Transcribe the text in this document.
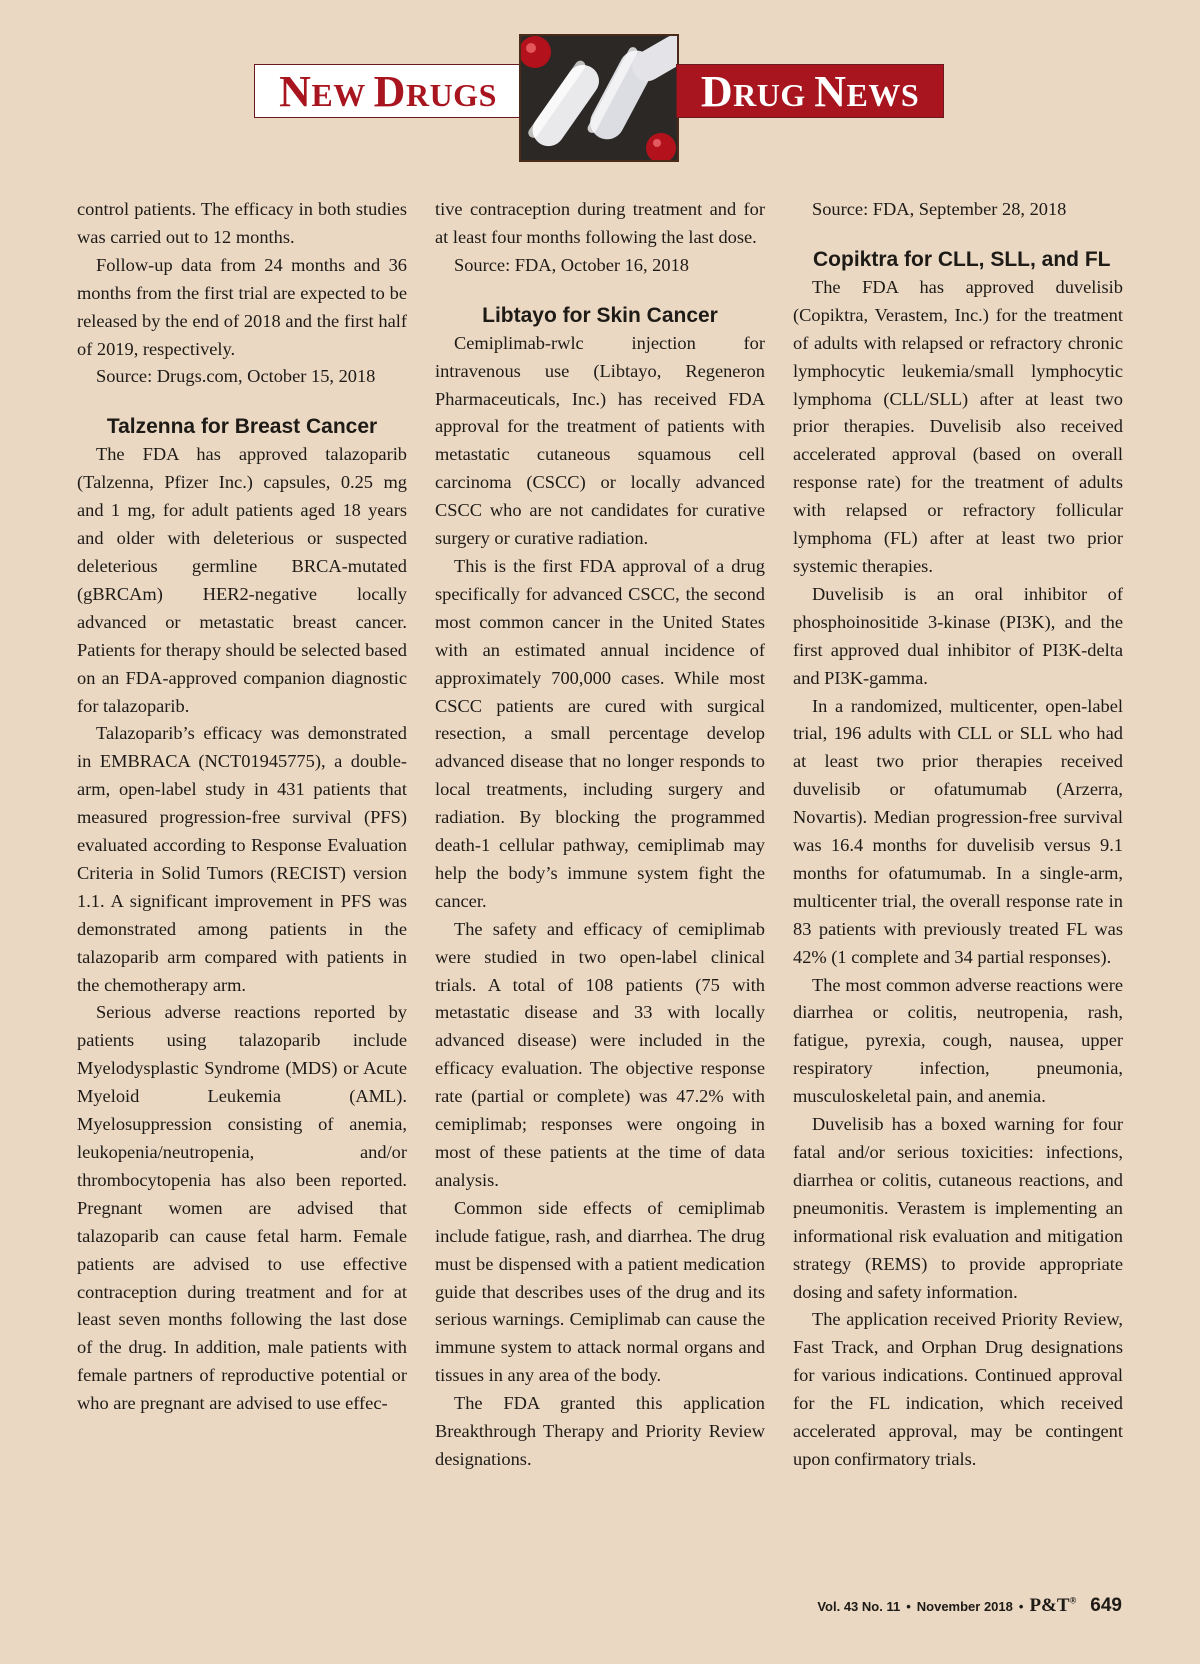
NEW DRUGS	DRUG NEWS

control patients. The efficacy in both studies was carried out to 12 months.

Follow-up data from 24 months and 36 months from the first trial are expected to be released by the end of 2018 and the first half of 2019, respectively.

Source: Drugs.com, October 15, 2018

Talzenna for Breast Cancer

The FDA has approved talazoparib (Talzenna, Pfizer Inc.) capsules, 0.25 mg and 1 mg, for adult patients aged 18 years and older with deleterious or suspected deleterious germline BRCA-mutated (gBRCAm) HER2-negative locally advanced or metastatic breast cancer. Patients for therapy should be selected based on an FDA-approved companion diagnostic for talazoparib.

Talazoparib’s efficacy was demonstrated in EMBRACA (NCT01945775), a double-arm, open-label study in 431 patients that measured progression-free survival (PFS) evaluated according to Response Evaluation Criteria in Solid Tumors (RECIST) version 1.1. A significant improvement in PFS was demonstrated among patients in the talazoparib arm compared with patients in the chemotherapy arm.

Serious adverse reactions reported by patients using talazoparib include Myelodysplastic Syndrome (MDS) or Acute Myeloid Leukemia (AML). Myelosuppression consisting of anemia, leukopenia/neutropenia, and/or thrombocytopenia has also been reported. Pregnant women are advised that talazoparib can cause fetal harm. Female patients are advised to use effective contraception during treatment and for at least seven months following the last dose of the drug. In addition, male patients with female partners of reproductive potential or who are pregnant are advised to use effec-

tive contraception during treatment and for at least four months following the last dose.

Source: FDA, October 16, 2018

Libtayo for Skin Cancer

Cemiplimab-rwlc injection for intravenous use (Libtayo, Regeneron Pharmaceuticals, Inc.) has received FDA approval for the treatment of patients with metastatic cutaneous squamous cell carcinoma (CSCC) or locally advanced CSCC who are not candidates for curative surgery or curative radiation.

This is the first FDA approval of a drug specifically for advanced CSCC, the second most common cancer in the United States with an estimated annual incidence of approximately 700,000 cases. While most CSCC patients are cured with surgical resection, a small percentage develop advanced disease that no longer responds to local treatments, including surgery and radiation. By blocking the programmed death-1 cellular pathway, cemiplimab may help the body’s immune system fight the cancer.

The safety and efficacy of cemiplimab were studied in two open-label clinical trials. A total of 108 patients (75 with metastatic disease and 33 with locally advanced disease) were included in the efficacy evaluation. The objective response rate (partial or complete) was 47.2% with cemiplimab; responses were ongoing in most of these patients at the time of data analysis.

Common side effects of cemiplimab include fatigue, rash, and diarrhea. The drug must be dispensed with a patient medication guide that describes uses of the drug and its serious warnings. Cemiplimab can cause the immune system to attack normal organs and tissues in any area of the body.

The FDA granted this application Breakthrough Therapy and Priority Review designations.

Source: FDA, September 28, 2018

Copiktra for CLL, SLL, and FL

The FDA has approved duvelisib (Copiktra, Verastem, Inc.) for the treatment of adults with relapsed or refractory chronic lymphocytic leukemia/small lymphocytic lymphoma (CLL/SLL) after at least two prior therapies. Duvelisib also received accelerated approval (based on overall response rate) for the treatment of adults with relapsed or refractory follicular lymphoma (FL) after at least two prior systemic therapies.

Duvelisib is an oral inhibitor of phosphoinositide 3-kinase (PI3K), and the first approved dual inhibitor of PI3K-delta and PI3K-gamma.

In a randomized, multicenter, open-label trial, 196 adults with CLL or SLL who had at least two prior therapies received duvelisib or ofatumumab (Arzerra, Novartis). Median progression-free survival was 16.4 months for duvelisib versus 9.1 months for ofatumumab. In a single-arm, multicenter trial, the overall response rate in 83 patients with previously treated FL was 42% (1 complete and 34 partial responses).

The most common adverse reactions were diarrhea or colitis, neutropenia, rash, fatigue, pyrexia, cough, nausea, upper respiratory infection, pneumonia, musculoskeletal pain, and anemia.

Duvelisib has a boxed warning for four fatal and/or serious toxicities: infections, diarrhea or colitis, cutaneous reactions, and pneumonitis. Verastem is implementing an informational risk evaluation and mitigation strategy (REMS) to provide appropriate dosing and safety information.

The application received Priority Review, Fast Track, and Orphan Drug designations for various indications. Continued approval for the FL indication, which received accelerated approval, may be contingent upon confirmatory trials.

Vol. 43 No. 11 • November 2018 • P&T® 649
